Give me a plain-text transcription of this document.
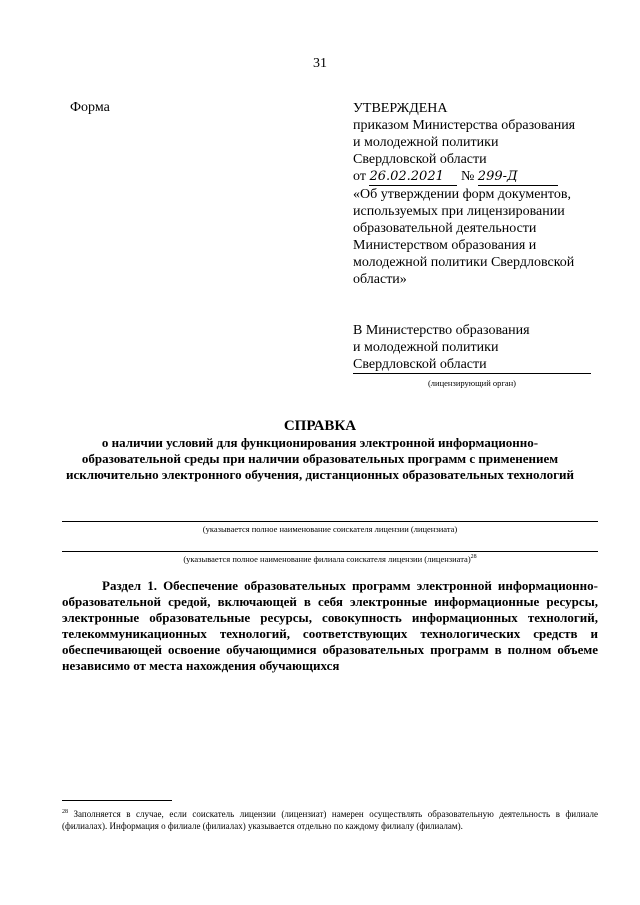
31
Форма	УТВЕРЖДЕНА
приказом Министерства образования
и молодежной политики
Свердловской области
от 26.02.2021 № 299-Д
«Об утверждении форм документов, используемых при лицензировании образовательной деятельности Министерством образования и молодежной политики Свердловской области»
В Министерство образования
и молодежной политики
Свердловской области
(лицензирующий орган)
СПРАВКА
о наличии условий для функционирования электронной информационно-образовательной среды при наличии образовательных программ с применением исключительно электронного обучения, дистанционных образовательных технологий
(указывается полное наименование соискателя лицензии (лицензиата)
(указывается полное наименование филиала соискателя лицензии (лицензиата)$^{28}$

Раздел 1. Обеспечение образовательных программ электронной информационно-образовательной средой, включающей в себя электронные информационные ресурсы, электронные образовательные ресурсы, совокупность информационных технологий, телекоммуникационных технологий, соответствующих технологических средств и обеспечивающей освоение обучающимися образовательных программ в полном объеме независимо от места нахождения обучающихся

$^{28}$ Заполняется в случае, если соискатель лицензии (лицензиат) намерен осуществлять образовательную деятельность в филиале (филиалах). Информация о филиале (филиалах) указывается отдельно по каждому филиалу (филиалам).
